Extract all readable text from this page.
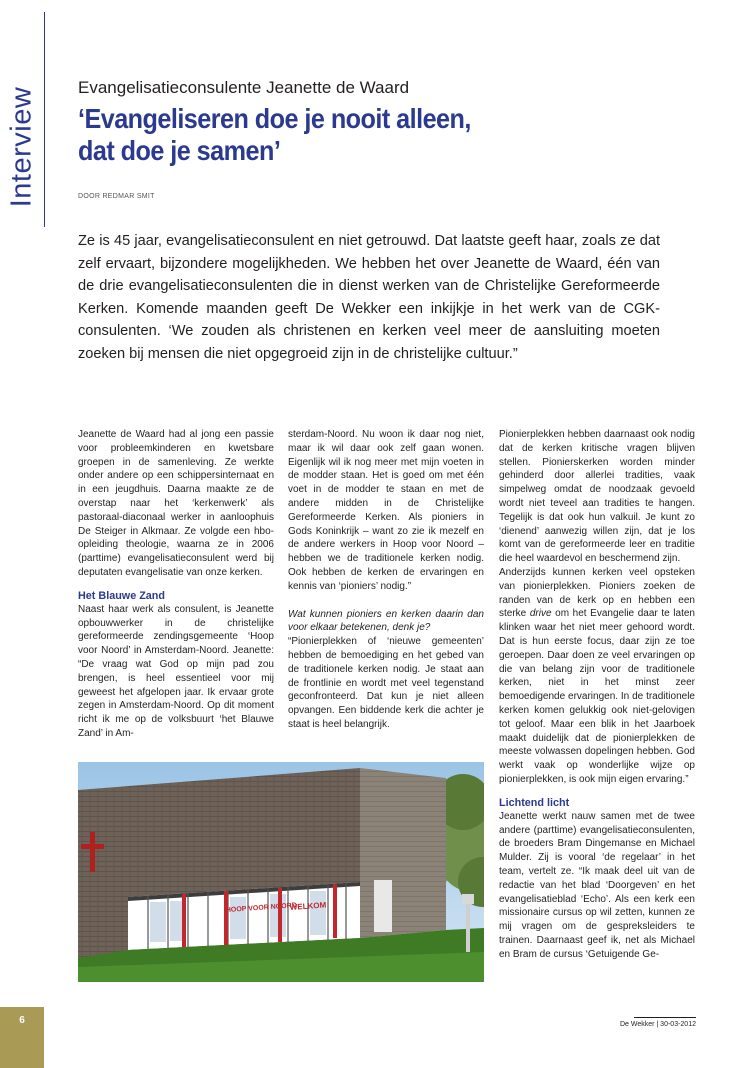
Interview Evangelisatieconsulente Jeanette de Waard
‘Evangeliseren doe je nooit alleen,
dat doe je samen’
DOOR REDMAR SMIT

Ze is 45 jaar, evangelisatieconsulent en niet getrouwd. Dat laatste geeft haar, zoals ze dat zelf ervaart, bijzondere mogelijkheden. We hebben het over Jeanette de Waard, één van de drie evangelisatieconsulenten die in dienst werken van de Christelijke Gereformeerde Kerken. Komende maanden geeft De Wekker een inkijkje in het werk van de CGK-consulenten. ‘We zouden als christenen en kerken veel meer de aansluiting moeten zoeken bij mensen die niet opgegroeid zijn in de christelijke cultuur.”

Jeanette de Waard had al jong een passie voor probleemkinderen en kwetsbare groepen in de samenleving. Ze werkte onder andere op een schippersinternaat en in een jeugdhuis. Daarna maakte ze de overstap naar het ‘kerkenwerk’ als pastoraal-diaconaal werker in aanloophuis De Steiger in Alkmaar. Ze volgde een hbo-opleiding theologie, waarna ze in 2006 (parttime) evangelisatieconsulent werd bij deputaten evangelisatie van onze kerken.

Het Blauwe Zand

Naast haar werk als consulent, is Jeanette opbouwwerker in de christelijke gereformeerde zendingsgemeente ‘Hoop voor Noord’ in Amsterdam-Noord. Jeanette: “De vraag wat God op mijn pad zou brengen, is heel essentieel voor mij geweest het afgelopen jaar. Ik ervaar grote zegen in Amsterdam-Noord. Op dit moment richt ik me op de volksbuurt ‘het Blauwe Zand’ in Am-

sterdam-Noord. Nu woon ik daar nog niet, maar ik wil daar ook zelf gaan wonen. Eigenlijk wil ik nog meer met mijn voeten in de modder staan. Het is goed om met één voet in de modder te staan en met de andere midden in de Christelijke Gereformeerde Kerken. Als pioniers in Gods Koninkrijk – want zo zie ik mezelf en de andere werkers in Hoop voor Noord – hebben we de traditionele kerken nodig. Ook hebben de kerken de ervaringen en kennis van ‘pioniers’ nodig.”

Wat kunnen pioniers en kerken daarin dan voor elkaar betekenen, denk je?

“Pionierplekken of ‘nieuwe gemeenten’ hebben de bemoediging en het gebed van de traditionele kerken nodig. Je staat aan de frontlinie en wordt met veel tegenstand geconfronteerd. Dat kun je niet alleen opvangen. Een biddende kerk die achter je staat is heel belangrijk.

Pionierplekken hebben daarnaast ook nodig dat de kerken kritische vragen blijven stellen. Pionierskerken worden minder gehinderd door allerlei tradities, vaak simpelweg omdat de noodzaak gevoeld wordt niet teveel aan tradities te hangen. Tegelijk is dat ook hun valkuil. Je kunt zo ‘dienend’ aanwezig willen zijn, dat je los komt van de gereformeerde leer en traditie die heel waardevol en beschermend zijn.

Anderzijds kunnen kerken veel opsteken van pionierplekken. Pioniers zoeken de randen van de kerk op en hebben een sterke drive om het Evangelie daar te laten klinken waar het niet meer gehoord wordt. Dat is hun eerste focus, daar zijn ze toe geroepen. Daar doen ze veel ervaringen op die van belang zijn voor de traditionele kerken, niet in het minst zeer bemoedigende ervaringen. In de traditionele kerken komen gelukkig ook niet-gelovigen tot geloof. Maar een blik in het Jaarboek maakt duidelijk dat de pionierplekken de meeste volwassen dopelingen hebben. God werkt vaak op wonderlijke wijze op pionierplekken, is ook mijn eigen ervaring.”

Lichtend licht

Jeanette werkt nauw samen met de twee andere (parttime) evangelisatieconsulenten, de broeders Bram Dingemanse en Michael Mulder. Zij is vooral ‘de regelaar’ in het team, vertelt ze. “Ik maak deel uit van de redactie van het blad ‘Doorgeven’ en het evangelisatieblad ‘Echo’. Als een kerk een missionaire cursus op wil zetten, kunnen ze mij vragen om de gespreksleiders te trainen. Daarnaast geef ik, net als Michael en Bram de cursus ‘Getuigende Ge-

HOOP VOOR NOORD
WELKOM
6	De Wekker | 30-03-2012
